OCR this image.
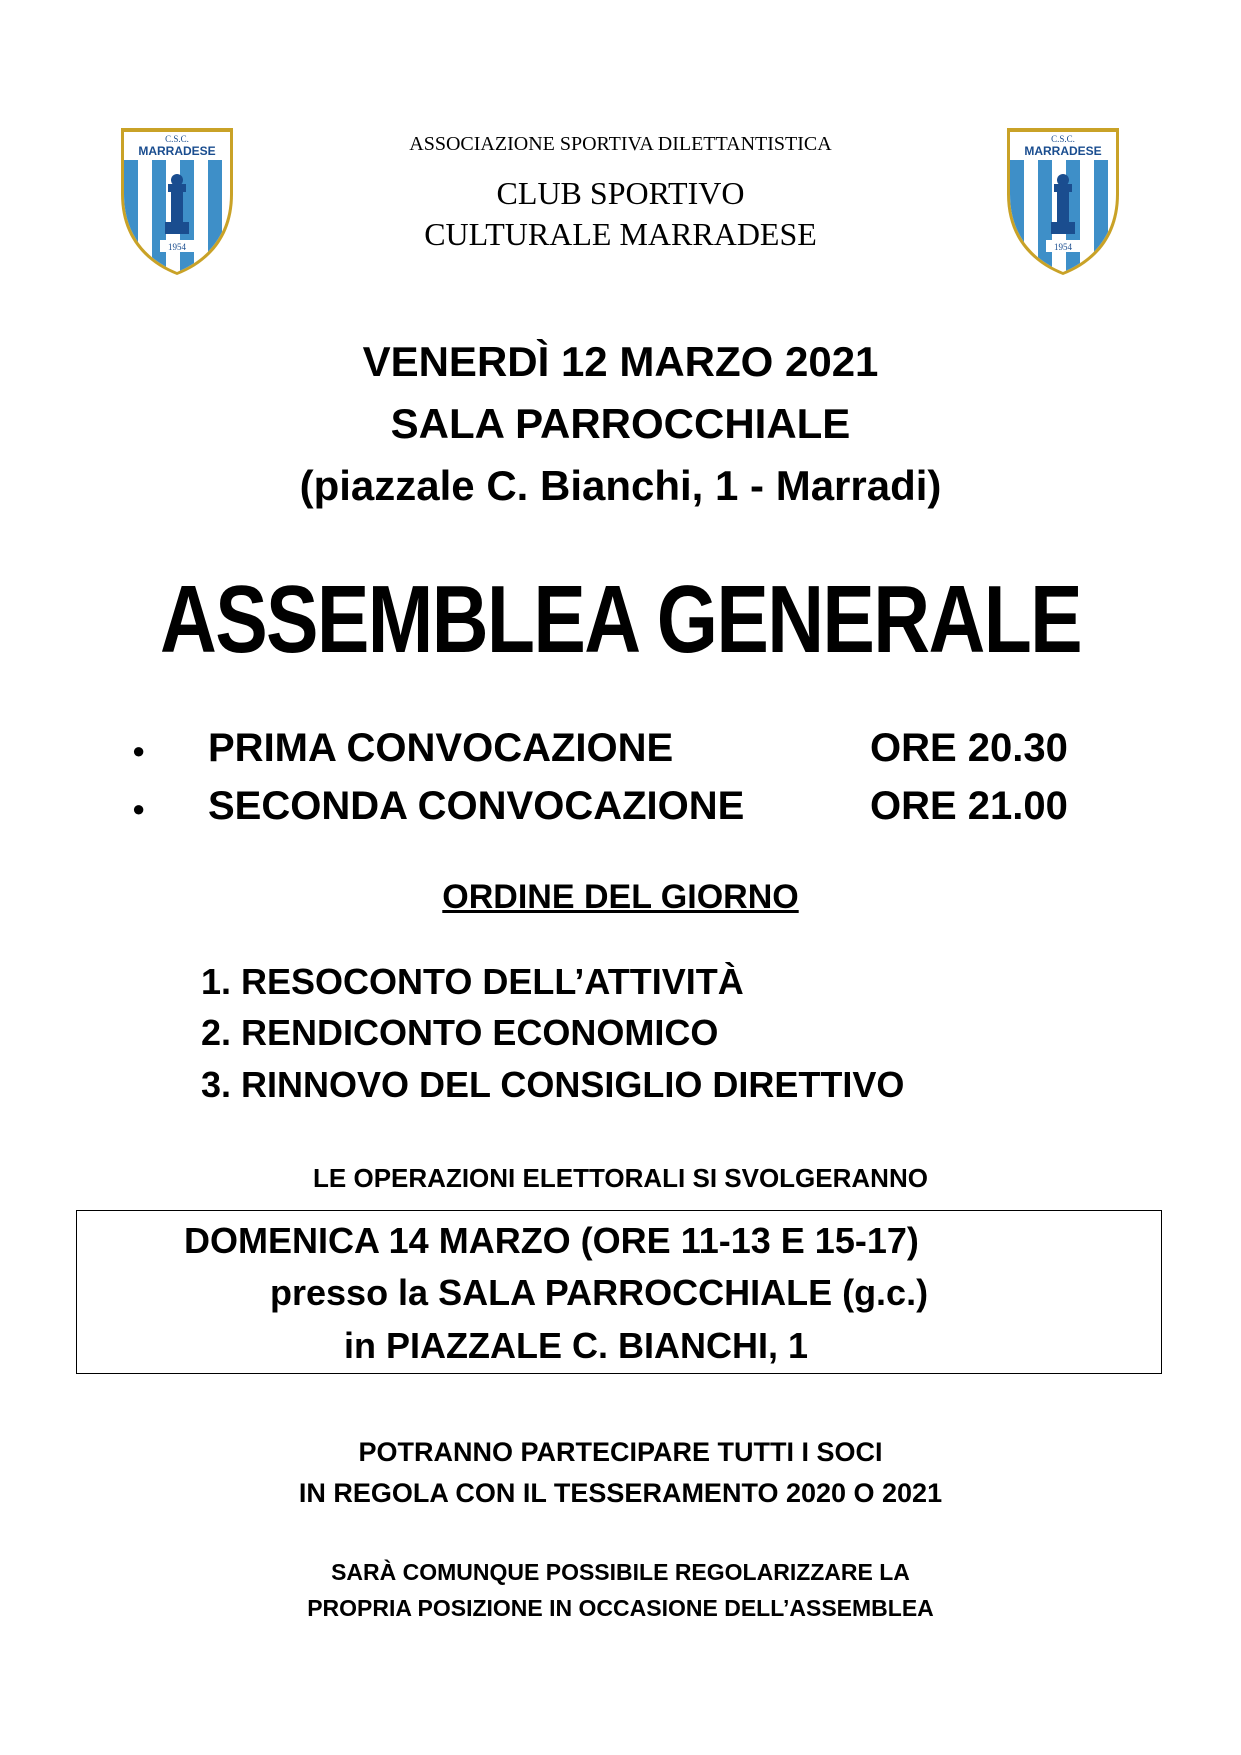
C.S.C.
MARRADESE
1954
C.S.C.
MARRADESE
1954
ASSOCIAZIONE SPORTIVA DILETTANTISTICA
CLUB SPORTIVO
CULTURALE MARRADESE
VENERDÌ 12 MARZO 2021
SALA PARROCCHIALE
(piazzale C. Bianchi, 1 - Marradi)
ASSEMBLEA GENERALE
● PRIMA CONVOCAZIONE	ORE 20.30
● SECONDA CONVOCAZIONE	ORE 21.00
ORDINE DEL GIORNO
1. RESOCONTO DELL’ATTIVITÀ
2. RENDICONTO ECONOMICO
3. RINNOVO DEL CONSIGLIO DIRETTIVO
LE OPERAZIONI ELETTORALI SI SVOLGERANNO
DOMENICA 14 MARZO (ORE 11-13 E 15-17)
presso la SALA PARROCCHIALE (g.c.)
in PIAZZALE C. BIANCHI, 1
POTRANNO PARTECIPARE TUTTI I SOCI
IN REGOLA CON IL TESSERAMENTO 2020 O 2021
SARÀ COMUNQUE POSSIBILE REGOLARIZZARE LA
PROPRIA POSIZIONE IN OCCASIONE DELL’ASSEMBLEA
